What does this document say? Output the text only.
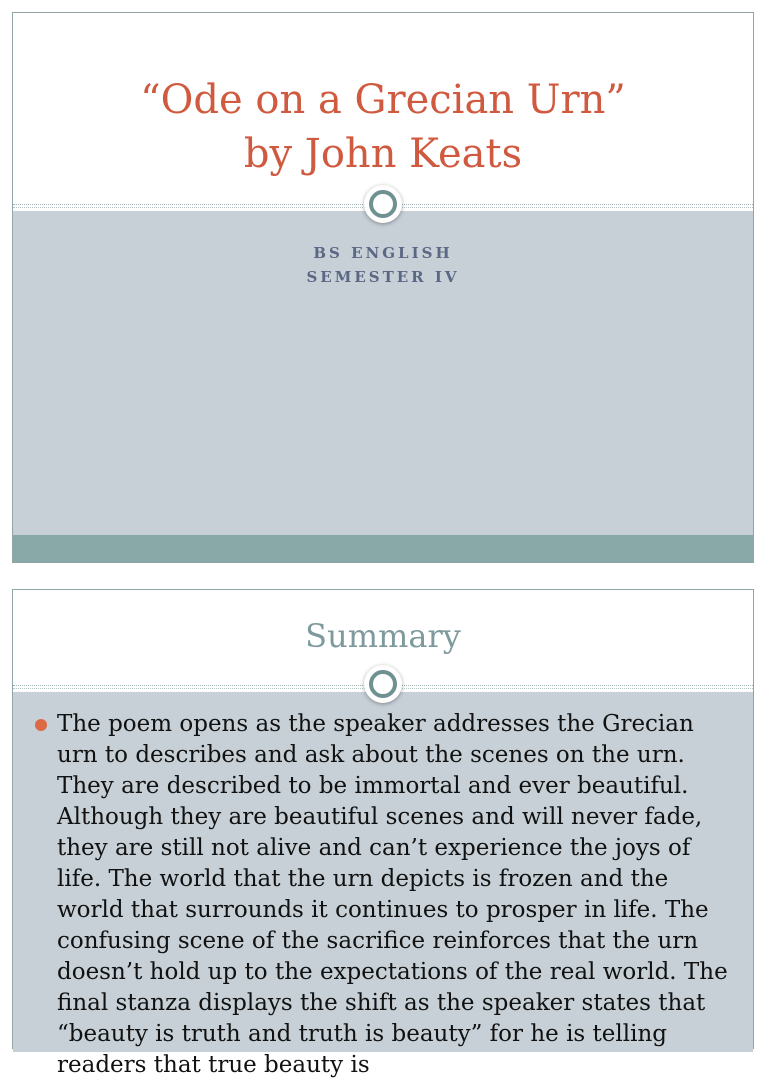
“Ode on a Grecian Urn”
by John Keats
BS ENGLISH
SEMESTER IV
Summary
The poem opens as the speaker addresses the Grecian urn to describes and ask about the scenes on the urn. They are described to be immortal and ever beautiful. Although they are beautiful scenes and will never fade, they are still not alive and can’t experience the joys of life. The world that the urn depicts is frozen and the world that surrounds it continues to prosper in life. The confusing scene of the sacrifice reinforces that the urn doesn’t hold up to the expectations of the real world. The final stanza displays the shift as the speaker states that “beauty is truth and truth is beauty” for he is telling readers that true beauty is
